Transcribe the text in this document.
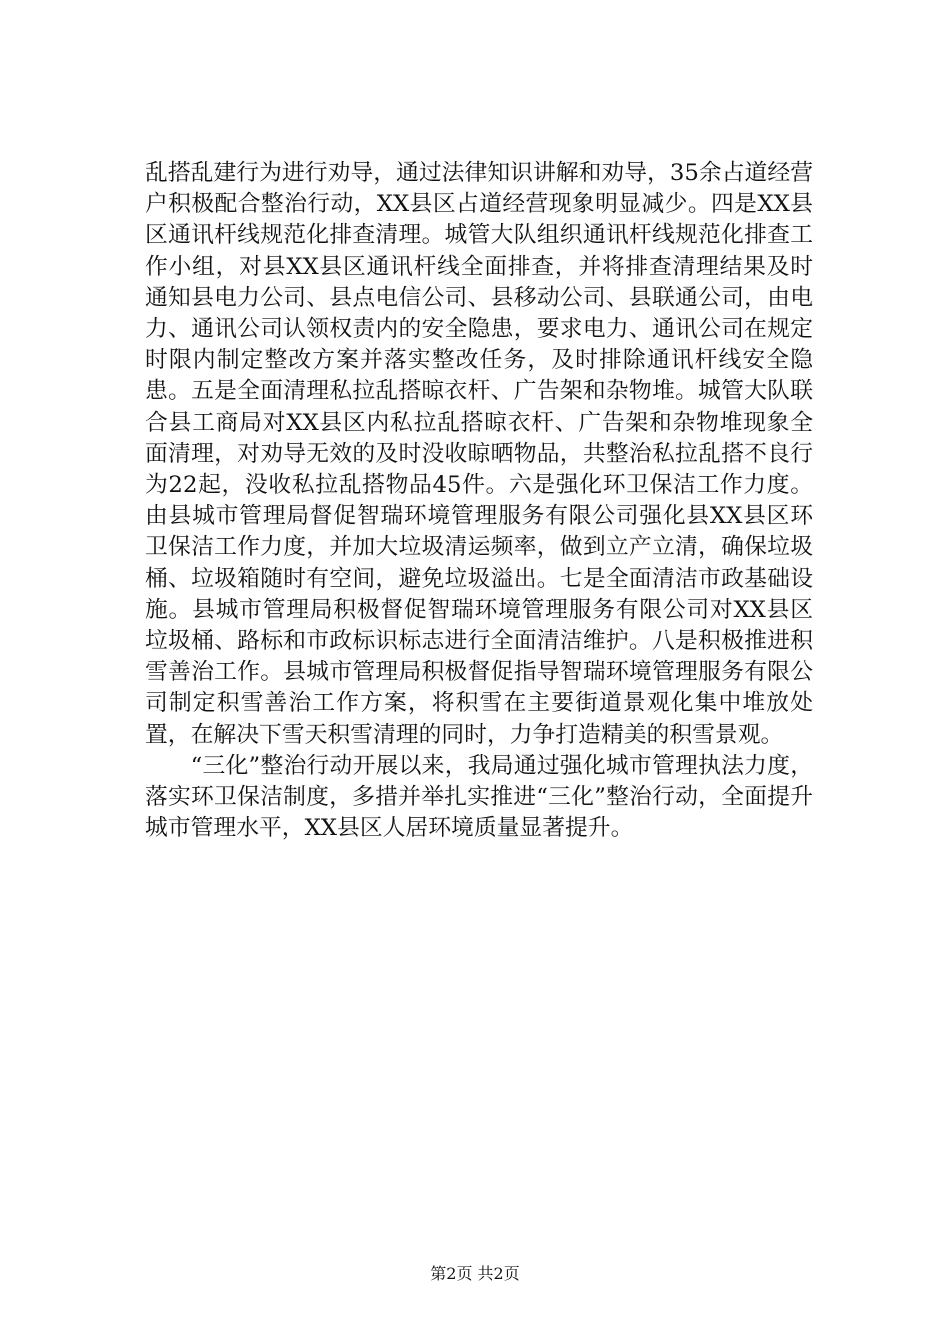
乱搭乱建行为进行劝导，通过法律知识讲解和劝导，35余占道经营户积极配合整治行动，XX县区占道经营现象明显减少。四是XX县区通讯杆线规范化排查清理。城管大队组织通讯杆线规范化排查工作小组，对县XX县区通讯杆线全面排查，并将排查清理结果及时通知县电力公司、县点电信公司、县移动公司、县联通公司，由电力、通讯公司认领权责内的安全隐患，要求电力、通讯公司在规定时限内制定整改方案并落实整改任务，及时排除通讯杆线安全隐患。五是全面清理私拉乱搭晾衣杆、广告架和杂物堆。城管大队联合县工商局对XX县区内私拉乱搭晾衣杆、广告架和杂物堆现象全面清理，对劝导无效的及时没收晾晒物品，共整治私拉乱搭不良行为22起，没收私拉乱搭物品45件。六是强化环卫保洁工作力度。由县城市管理局督促智瑞环境管理服务有限公司强化县XX县区环卫保洁工作力度，并加大垃圾清运频率，做到立产立清，确保垃圾桶、垃圾箱随时有空间，避免垃圾溢出。七是全面清洁市政基础设施。县城市管理局积极督促智瑞环境管理服务有限公司对XX县区垃圾桶、路标和市政标识标志进行全面清洁维护。八是积极推进积雪善治工作。县城市管理局积极督促指导智瑞环境管理服务有限公司制定积雪善治工作方案，将积雪在主要街道景观化集中堆放处置，在解决下雪天积雪清理的同时，力争打造精美的积雪景观。

“三化”整治行动开展以来，我局通过强化城市管理执法力度，落实环卫保洁制度，多措并举扎实推进“三化”整治行动，全面提升城市管理水平，XX县区人居环境质量显著提升。

第2页 共2页
